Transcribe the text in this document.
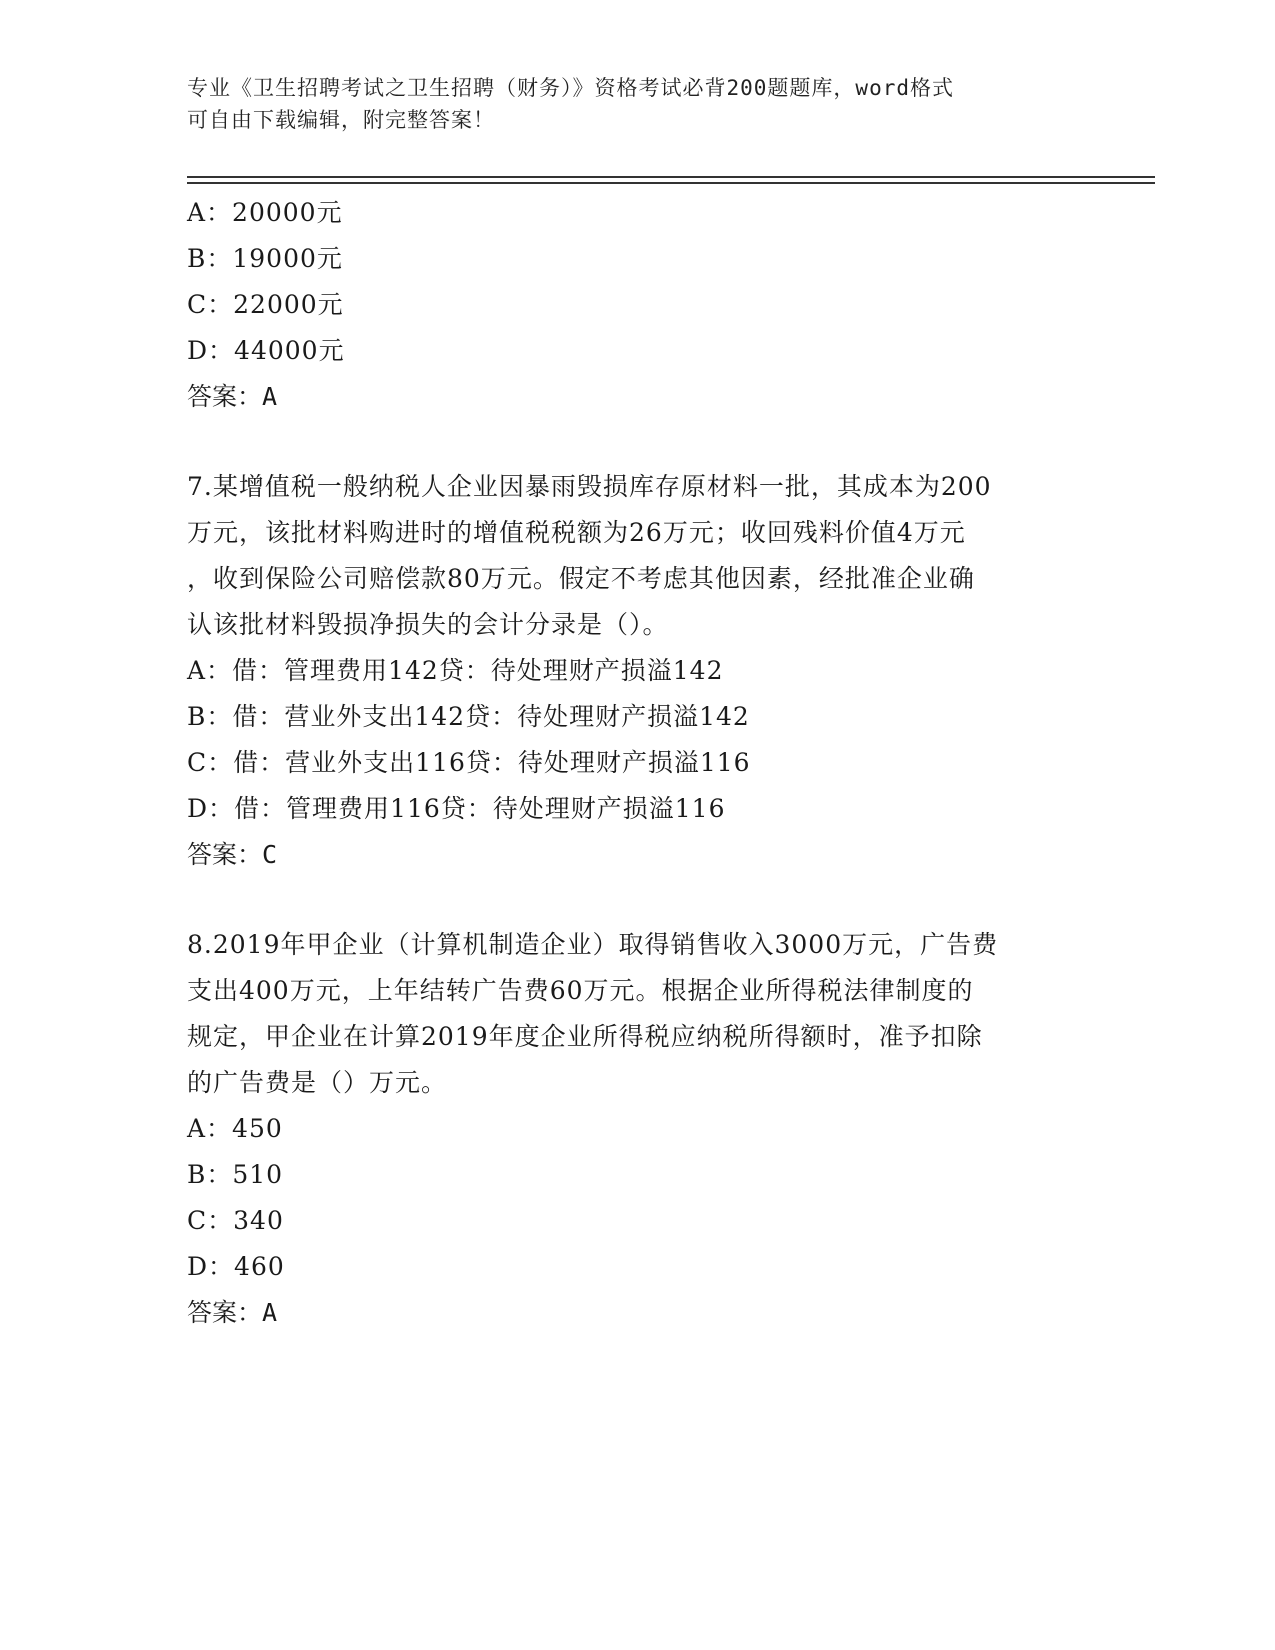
专业《卫生招聘考试之卫生招聘（财务）》资格考试必背200题题库，word格式
可自由下载编辑，附完整答案！
A：20000元
B：19000元
C：22000元
D：44000元
答案：A
7.某增值税一般纳税人企业因暴雨毁损库存原材料一批，其成本为200
万元，该批材料购进时的增值税税额为26万元；收回残料价值4万元
，收到保险公司赔偿款80万元。假定不考虑其他因素，经批准企业确
认该批材料毁损净损失的会计分录是（）。
A：借：管理费用142贷：待处理财产损溢142
B：借：营业外支出142贷：待处理财产损溢142
C：借：营业外支出116贷：待处理财产损溢116
D：借：管理费用116贷：待处理财产损溢116
答案：C
8.2019年甲企业（计算机制造企业）取得销售收入3000万元，广告费
支出400万元，上年结转广告费60万元。根据企业所得税法律制度的
规定，甲企业在计算2019年度企业所得税应纳税所得额时，准予扣除
的广告费是（）万元。
A：450
B：510
C：340
D：460
答案：A
